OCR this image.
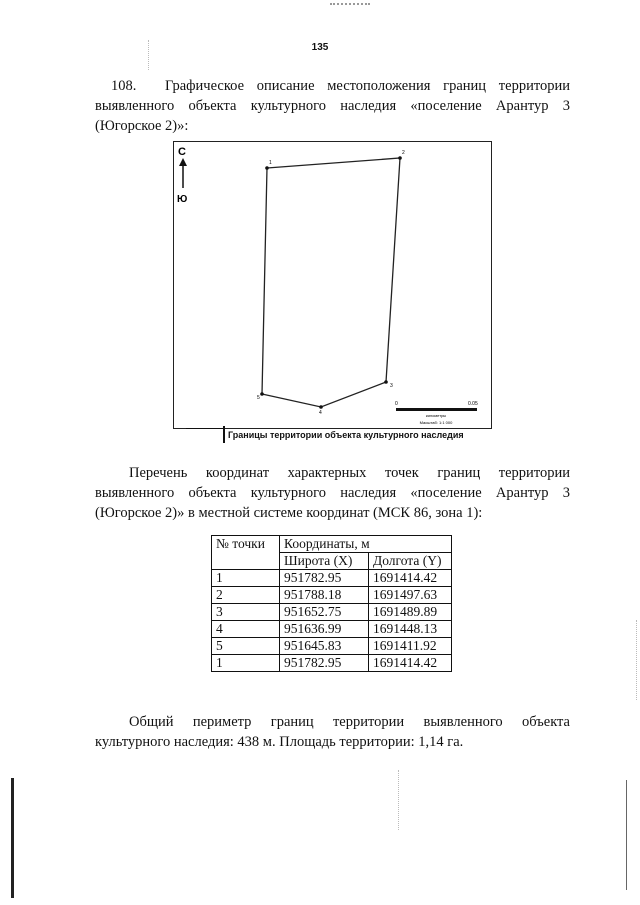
135
108. Графическое описание местоположения границ территории
выявленного объекта культурного наследия «поселение Арантур 3
(Югорское 2)»:
С
Ю
1
2
3
4
5
0	0.05
километры
Масштаб: 1:1 000
Границы территории объекта культурного наследия
Перечень координат характерных точек границ территории
выявленного объекта культурного наследия «поселение Арантур 3
(Югорское 2)» в местной системе координат (МСК 86, зона 1):
№ точки	Координаты, м	
	Широта (X)	Долгота (Y)
1	951782.95	1691414.42
2	951788.18	1691497.63
3	951652.75	1691489.89
4	951636.99	1691448.13
5	951645.83	1691411.92
1	951782.95	1691414.42
Общий периметр границ территории выявленного объекта
культурного наследия: 438 м. Площадь территории: 1,14 га.
